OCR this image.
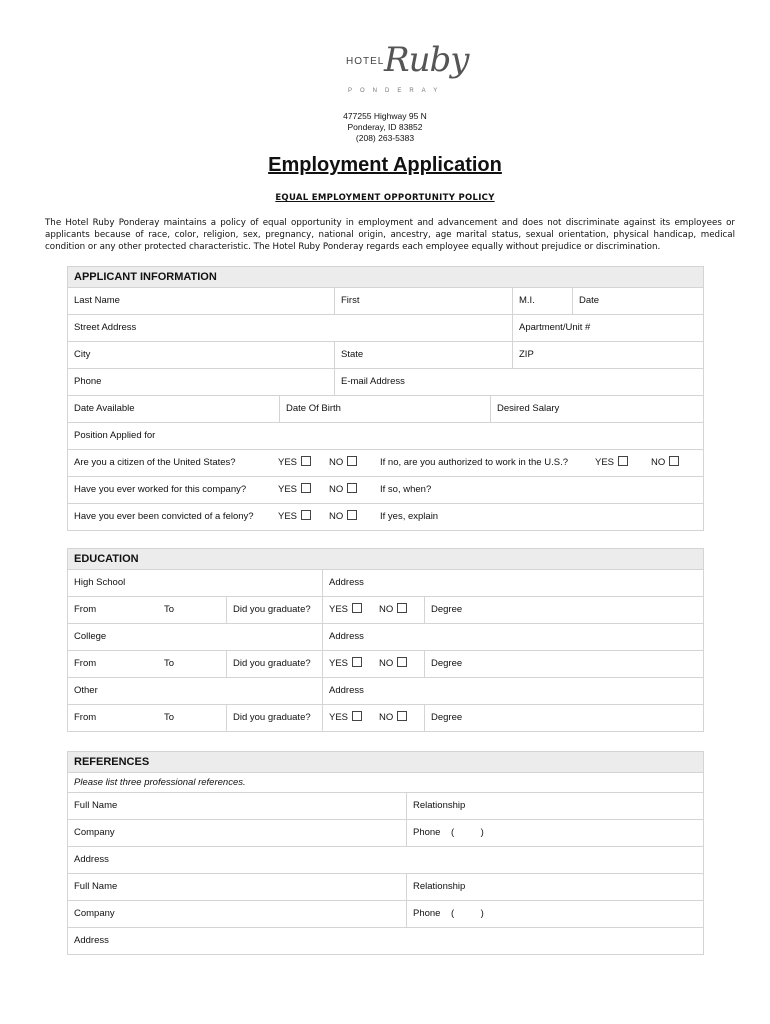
HOTEL Ruby
PONDERAY
477255 Highway 95 N
Ponderay, ID 83852
(208) 263-5383
Employment Application
EQUAL EMPLOYMENT OPPORTUNITY POLICY
The Hotel Ruby Ponderay maintains a policy of equal opportunity in employment and advancement and does not discriminate against its employees or applicants because of race, color, religion, sex, pregnancy, national origin, ancestry, age marital status, sexual orientation, physical handicap, medical condition or any other protected characteristic. The Hotel Ruby Ponderay regards each employee equally without prejudice or discrimination.
APPLICANT INFORMATION
Last Name	First	M.I.	Date
Street Address	Apartment/Unit #
City	State	ZIP
Phone	E-mail Address
Date Available	Date Of Birth	Desired Salary
Position Applied for
Are you a citizen of the United States?	YES	NO	If no, are you authorized to work in the U.S.?	YES	NO
Have you ever worked for this company?	YES	NO	If so, when?
Have you ever been convicted of a felony?	YES	NO	If yes, explain
EDUCATION
High School	Address
From	To	Did you graduate?	YES	NO	Degree
College	Address
From	To	Did you graduate?	YES	NO	Degree
Other	Address
From	To	Did you graduate?	YES	NO	Degree
REFERENCES
Please list three professional references.
Full Name	Relationship
Company	Phone (          )
Address
Full Name	Relationship
Company	Phone (          )
Address
